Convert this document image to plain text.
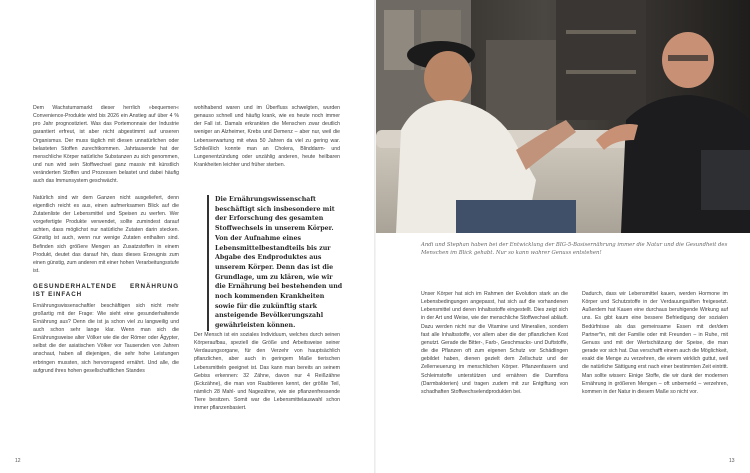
Dem Wachstumsmarkt dieser herrlich »bequemen« Convenience-Produkte wird bis 2026 ein Anstieg auf über 4 % pro Jahr prognostiziert. Was das Portemonnaie der Industrie garantiert erfreut, ist aber nicht abgestimmt auf unseren Organismus. Der muss täglich mit diesen unnatürlichen oder belasteten Stoffen zurechtkommen. Jahrtausende hat der menschliche Körper natürliche Substanzen zu sich genommen, und nun wird sein Stoffwechsel ganz massiv mit künstlich veränderten Stoffen und Prozessen belastet und dabei häufig auch das Immunsystem geschwächt.

Natürlich sind wir dem Ganzen nicht ausgeliefert, denn eigentlich reicht es aus, einen aufmerksamen Blick auf die Zutatenliste der Lebensmittel und Speisen zu werfen. Wer vorgefertigte Produkte verwendet, sollte zumindest darauf achten, dass möglichst nur natürliche Zutaten darin stecken. Günstig ist auch, wenn nur wenige Zutaten enthalten sind. Befinden sich größere Mengen an Zusatzstoffen in einem Produkt, deutet das darauf hin, dass dieses Erzeugnis zum einen günstig, zum anderen mit einer hohen Verarbeitungsstufe ist.

GESUNDERHALTENDE ERNÄHRUNG IST EINFACH

Ernährungswissenschaftler beschäftigen sich nicht mehr großartig mit der Frage: Wie sieht eine gesunderhaltende Ernährung aus? Denn die ist ja schon viel zu langweilig und auch schon sehr lange klar. Wenn man sich die Ernährungsweise alter Völker wie die der Römer oder Ägypter, selbst die der asiatischen Völker vor Tausenden von Jahren anschaut, haben all diejenigen, die sehr hohe Leistungen erbringen mussten, sich hervorragend ernährt. Und alle, die aufgrund ihres hohen gesellschaftlichen Standes

wohlhabend waren und im Überfluss schwelgten, wurden genauso schnell und häufig krank, wie es heute noch immer der Fall ist. Damals erkrankten die Menschen zwar deutlich weniger an Alzheimer, Krebs und Demenz – aber nur, weil die Lebenserwartung mit etwa 50 Jahren da viel zu gering war. Schließlich konnte man an Cholera, Blinddarm- und Lungenentzündung oder unzählig anderen, heute heilbaren Krankheiten leichter und früher sterben.

Die Ernährungswissenschaft beschäftigt sich insbesondere mit der Erforschung des gesamten Stoffwechsels in unserem Körper. Von der Aufnahme eines Lebensmittelbestandteils bis zur Abgabe des Endproduktes aus unserem Körper. Denn das ist die Grundlage, um zu klären, wie wir die Ernährung bei bestehenden und noch kommenden Krankheiten sowie für die zukünftig stark ansteigende Bevölkerungszahl gewährleisten können.

Der Mensch ist ein soziales Individuum, welches durch seinen Körperaufbau, speziell die Größe und Arbeitsweise seiner Verdauungsorgane, für den Verzehr von hauptsächlich pflanzlichen, aber auch in geringem Maße tierischen Lebensmitteln geeignet ist. Das kann man bereits an seinem Gebiss erkennen: 32 Zähne, davon nur 4 Reißzähne (Eckzähne), die man von Raubtieren kennt, der größte Teil, nämlich 28 Mahl- und Nagezähne, wie sie pflanzenfressende Tiere besitzen. Somit war die Lebensmittelauswahl schon immer pflanzenbasiert.

12
Andi und Stephan haben bei der Entwicklung der BIG-5-Basisernährung immer die Natur und die Gesundheit des Menschen im Blick gehabt. Nur so kann wahrer Genuss entstehen!

Unser Körper hat sich im Rahmen der Evolution stark an die Lebensbedingungen angepasst, hat sich auf die vorhandenen Lebensmittel und deren Inhaltsstoffe eingestellt. Dies zeigt sich in der Art und Weise, wie der menschliche Stoffwechsel abläuft. Dazu werden nicht nur die Vitamine und Mineralien, sondern fast alle Inhaltsstoffe, vor allem aber die der pflanzlichen Kost genutzt. Gerade die Bitter-, Farb-, Geschmacks- und Duftstoffe, die die Pflanzen oft zum eigenen Schutz vor Schädlingen gebildet haben, dienen gezielt dem Zellschutz und der Zellerneuerung im menschlichen Körper. Pflanzenfasern und Schleimstoffe unterstützen und ernähren die Darmflora (Darmbakterien) und tragen zudem mit zur Entgiftung von schadhaften Stoffwechselendprodukten bei.

Dadurch, dass wir Lebensmittel kauen, werden Hormone im Körper und Schutzstoffe in der Verdauungsäften freigesetzt. Außerdem hat Kauen eine durchaus beruhigende Wirkung auf uns. Es gibt kaum eine bessere Befriedigung der sozialen Bedürfnisse als das gemeinsame Essen mit der/dem Partner*in, mit der Familie oder mit Freunden – in Ruhe, mit Genuss und mit der Wertschätzung der Speise, die man gerade vor sich hat. Das verschafft einem auch die Möglichkeit, exakt die Menge zu verzehren, die einem wirklich guttut, weil die natürliche Sättigung erst nach einer bestimmten Zeit eintritt. Man sollte wissen: Einige Stoffe, die wir dank der modernen Ernährung in größeren Mengen – oft unbemerkt – verzehren, kommen in der Natur in diesem Maße so nicht vor.

13
